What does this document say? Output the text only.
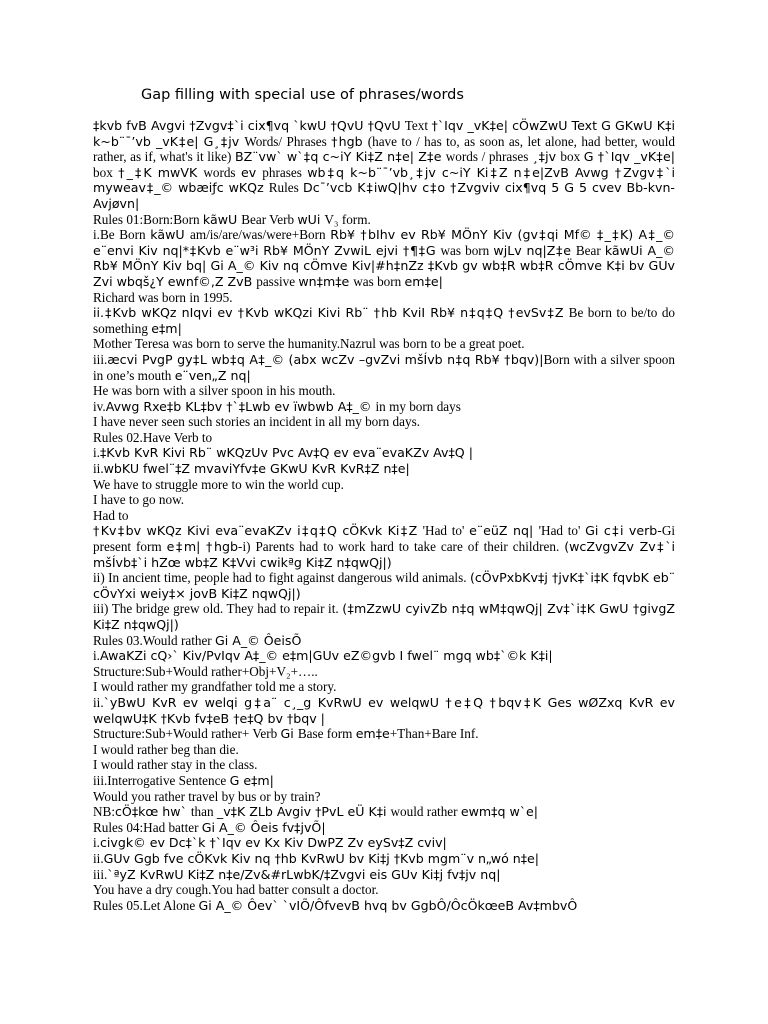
Gap filling with special use of phrases/words

‡kvb fvB Avgvi †Zvgv‡`i cix¶vq `kwU †QvU †QvU Text †`Iqv _vK‡e| cÖwZwU Text G GKwU K‡i k~b¨¯’vb _vK‡e| G¸‡jv Words/ Phrases †hgb (have to / has to, as soon as, let alone, had better, would rather, as if, what's it like) BZ¨vw` w`‡q c~iY Ki‡Z n‡e| Z‡e words / phrases ¸‡jv box G †`Iqv _vK‡e| box †_‡K mwVK words ev phrases wb‡q k~b¨¯’vb¸‡jv c~iY Ki‡Z n‡e|ZvB Avwg †Zvgv‡`i myweav‡_© wbæiƒc wKQz Rules Dc¯’vcb K‡iwQ|hv c‡o †Zvgviv cix¶vq 5 G 5 cvev Bb-kvn-Avjøvn|

Rules 01:Born:Born kãwU Bear Verb wUi V₃ form.

i.Be Born kãwU am/is/are/was/were+Born Rb¥ †bIhv ev Rb¥ MÖnY Kiv (gv‡qi Mf© ‡_‡K) A‡_© e¨envi Kiv nq|*‡Kvb e¨w³i Rb¥ MÖnY ZvwiL ejvi †¶‡G was born wjLv nq|Z‡e Bear kãwUi A_© Rb¥ MÖnY Kiv bq| Gi A_© Kiv nq cÖmve Kiv|#h‡nZz ‡Kvb gv wb‡R wb‡R cÖmve K‡i bv GUv Zvi wbqš¿Y ewnf©,Z ZvB passive wn‡m‡e was born em‡e|

Richard was born in 1995.

ii.‡Kvb wKQz nIqvi ev †Kvb wKQzi Kivi Rb¨ †hb KviI Rb¥ n‡q‡Q †evSv‡Z Be born to be/to do something e‡m|

Mother Teresa was born to serve the humanity.Nazrul was born to be a great poet.

iii.æcvi PvgP gy‡L wb‡q A‡_© (abx wcZv –gvZvi mšÍvb n‡q Rb¥ †bqv)|Born with a silver spoon in one’s mouth e¨ven„Z nq|

He was born with a silver spoon in his mouth.

iv.Avwg Rxe‡b KL‡bv †`‡Lwb ev ïwbwb A‡_© in my born days

I have never seen such stories an incident in all my born days.

Rules 02.Have Verb to

i.‡Kvb KvR Kivi Rb¨ wKQzUv Pvc Av‡Q ev eva¨evaKZv Av‡Q |

ii.wbKU fwel¨‡Z mvaviYfv‡e GKwU KvR KvR‡Z n‡e|

We have to struggle more to win the world cup.

I have to go now.

Had to

†Kv‡bv wKQz Kivi eva¨evaKZv i‡q‡Q cÖKvk Ki‡Z 'Had to' e¨eüZ nq| 'Had to' Gi c‡i verb-Gi present form e‡m| †hgb-i) Parents had to work hard to take care of their children. (wcZvgvZv Zv‡`i mšÍvb‡`i hZœ wb‡Z K‡Vvi cwikªg Ki‡Z n‡qwQj|)

ii) In ancient time, people had to fight against dangerous wild animals. (cÖvPxbKv‡j †jvK‡`i‡K fqvbK eb¨ cÖvYxi weiy‡× jovB Ki‡Z nqwQj|)

iii) The bridge grew old. They had to repair it. (‡mZzwU cyivZb n‡q wM‡qwQj| Zv‡`i‡K GwU †givgZ Ki‡Z n‡qwQj|)

Rules 03.Would rather Gi A_© ÔeisÕ

i.AwaKZi cQ›` Kiv/PvIqv A‡_© e‡m|GUv eZ©gvb I fwel¨ mgq wb‡`©k K‡i|

Structure:Sub+Would rather+Obj+V₂+…..

I would rather my grandfather told me a story.

ii.`yBwU KvR ev welqi g‡a¨ c¸_g KvRwU ev welqwU †e‡Q †bqv‡K Ges wØZxq KvR ev welqwU‡K †Kvb fv‡eB †e‡Q bv †bqv |

Structure:Sub+Would rather+ Verb Gi Base form em‡e+Than+Bare Inf.

I would rather beg than die.

I would rather stay in the class.

iii.Interrogative Sentence G e‡m|

Would you rather travel by bus or by train?

NB:cÖ‡kœ hw` than _v‡K ZLb Avgiv †PvL eÜ K‡i would rather ewm‡q w`e|

Rules 04:Had batter Gi A_© Ôeis fv‡jvÕ|

i.civgk© ev Dc‡`k †`Iqv ev Kx Kiv DwPZ Zv eySv‡Z cviv|

ii.GUv Ggb fve cÖKvk Kiv nq †hb KvRwU bv Ki‡j †Kvb mgm¨v n„wó n‡e|

iii.`ªyZ KvRwU Ki‡Z n‡e/Zv&#rLwbK/‡Zvgvi eis GUv Ki‡j fv‡jv nq|

You have a dry cough.You had batter consult a doctor.

Rules 05.Let Alone Gi A_© Ôev` `vIÕ/ÔfvevB hvq bv GgbÔ/ÔcÖkœeB Av‡mbvÔ
